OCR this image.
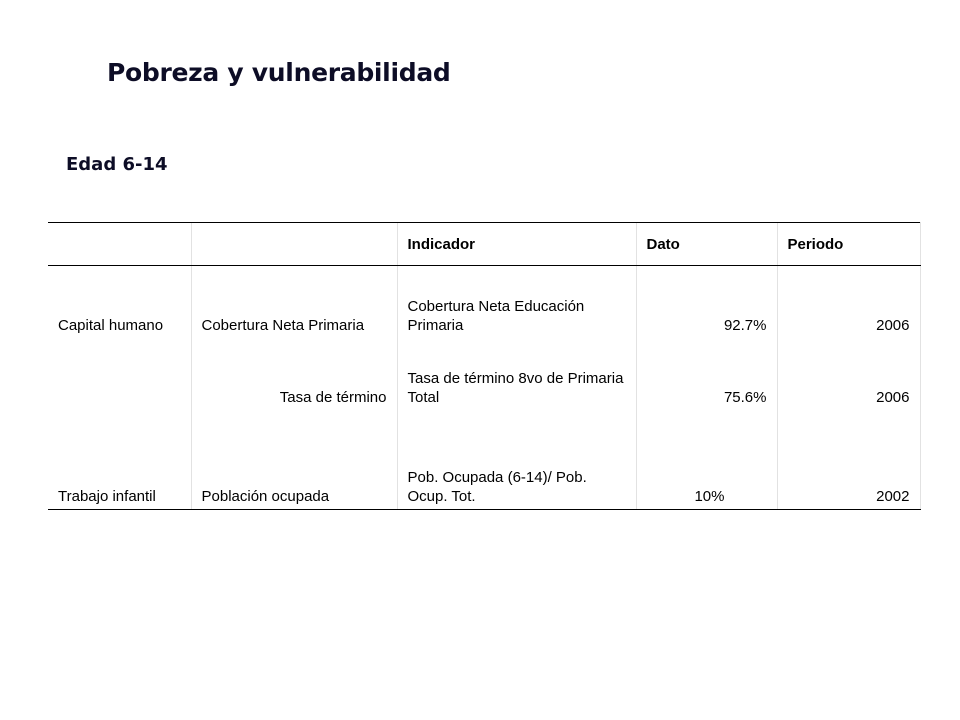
Pobreza y vulnerabilidad
Edad 6-14
		Indicador	Dato	Periodo
Capital humano	Cobertura Neta Primaria	Cobertura Neta Educación Primaria	92.7%	2006
	Tasa de término	Tasa de término 8vo de Primaria Total	75.6%	2006
Trabajo infantil	Población ocupada	Pob. Ocupada (6-14)/ Pob. Ocup. Tot.	10%	2002
